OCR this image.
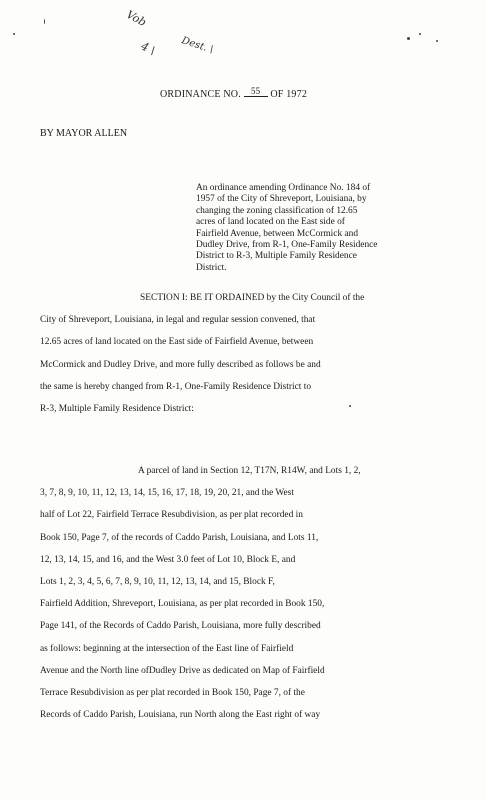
Vob
4 \ Dest. \
ORDINANCE NO. 55 OF 1972
BY MAYOR ALLEN
An ordinance amending Ordinance No. 184 of
1957 of the City of Shreveport, Louisiana, by
changing the zoning classification of 12.65
acres of land located on the East side of
Fairfield Avenue, between McCormick and
Dudley Drive, from R-1, One-Family Residence
District to R-3, Multiple Family Residence
District.
SECTION I: BE IT ORDAINED by the City Council of the
City of Shreveport, Louisiana, in legal and regular session convened, that
12.65 acres of land located on the East side of Fairfield Avenue, between
McCormick and Dudley Drive, and more fully described as follows be and
the same is hereby changed from R-1, One-Family Residence District to
R-3, Multiple Family Residence District:
A parcel of land in Section 12, T17N, R14W, and Lots 1, 2,
3, 7, 8, 9, 10, 11, 12, 13, 14, 15, 16, 17, 18, 19, 20, 21, and the West
half of Lot 22, Fairfield Terrace Resubdivision, as per plat recorded in
Book 150, Page 7, of the records of Caddo Parish, Louisiana, and Lots 11,
12, 13, 14, 15, and 16, and the West 3.0 feet of Lot 10, Block E, and
Lots 1, 2, 3, 4, 5, 6, 7, 8, 9, 10, 11, 12, 13, 14, and 15, Block F,
Fairfield Addition, Shreveport, Louisiana, as per plat recorded in Book 150,
Page 141, of the Records of Caddo Parish, Louisiana, more fully described
as follows: beginning at the intersection of the East line of Fairfield
Avenue and the North line ofDudley Drive as dedicated on Map of Fairfield
Terrace Resubdivision as per plat recorded in Book 150, Page 7, of the
Records of Caddo Parish, Louisiana, run North along the East right of way
